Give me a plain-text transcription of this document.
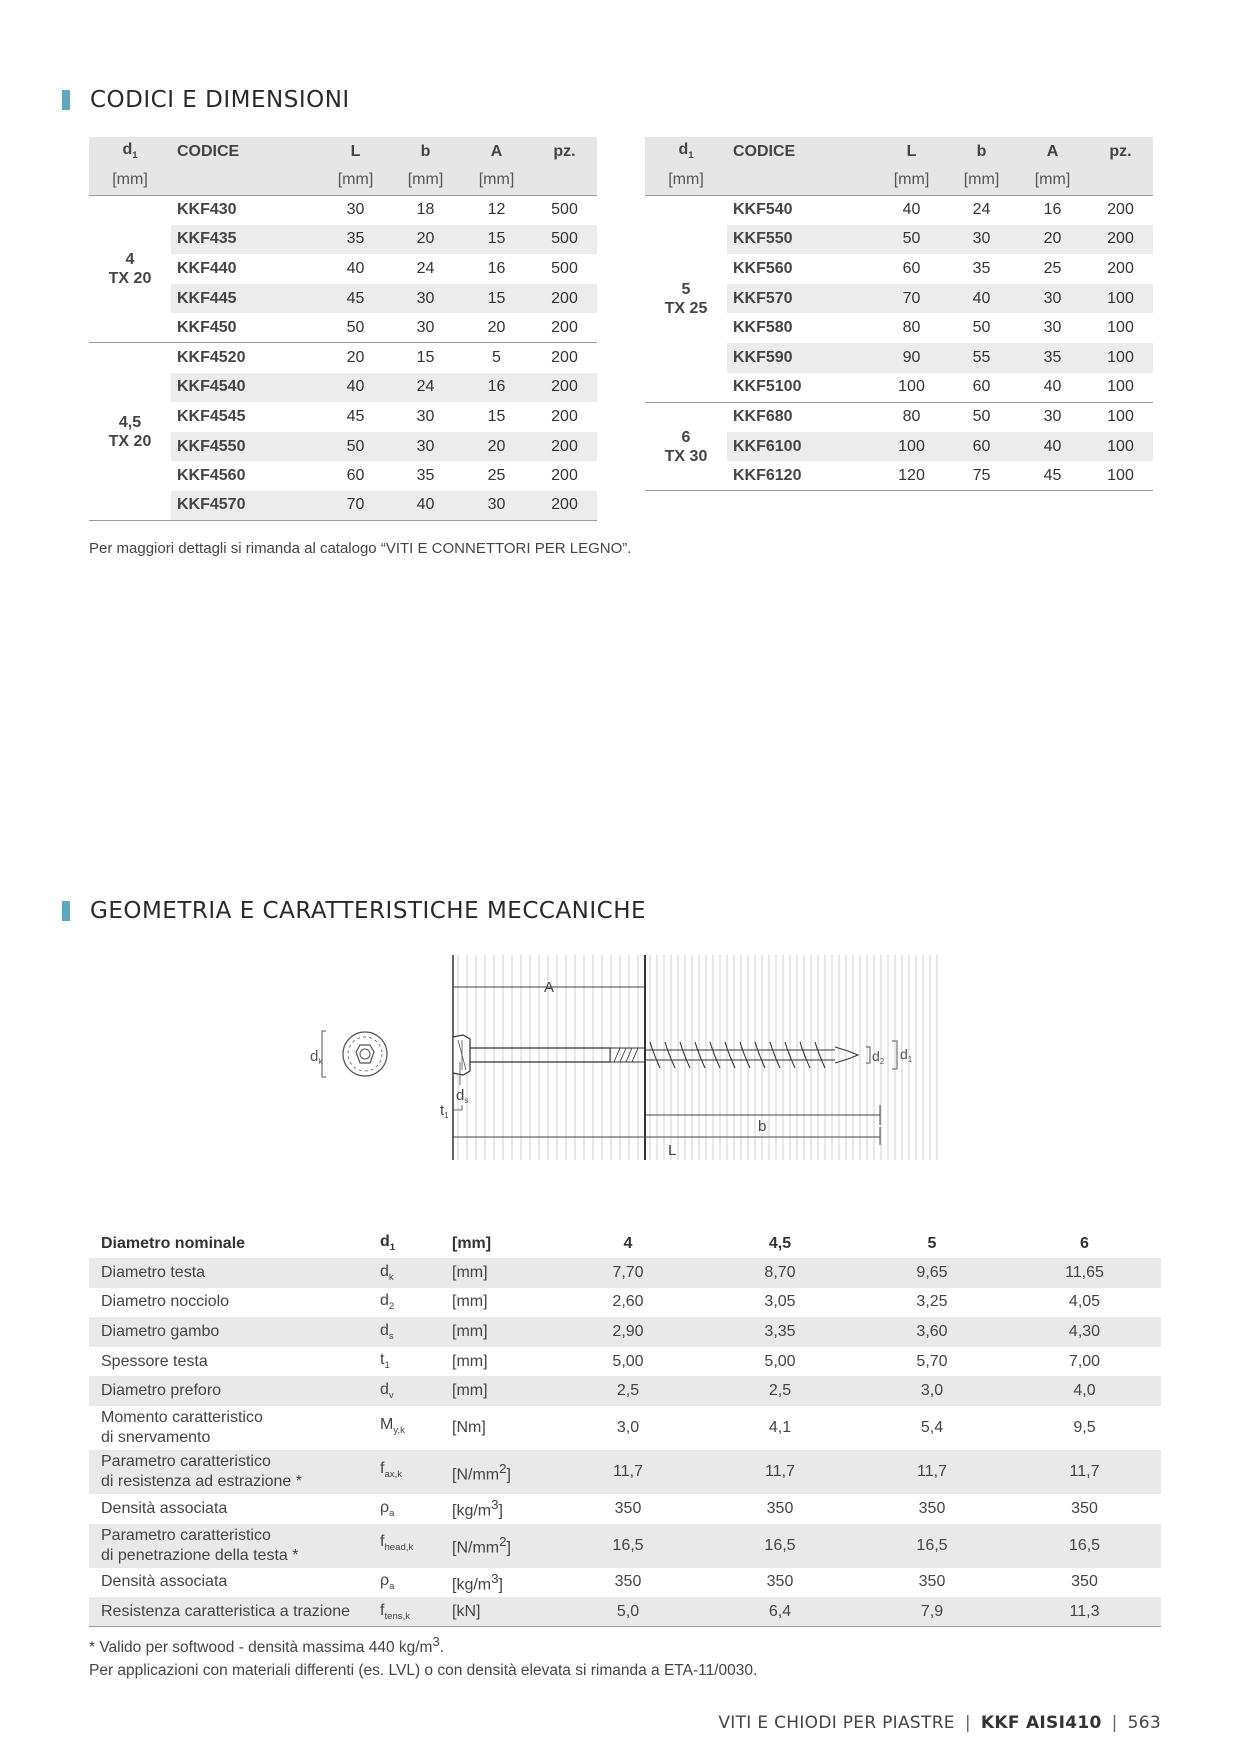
CODICI E DIMENSIONI
$d_1$	CODICE	L	b	A	pz.
[mm]		[mm]	[mm]	[mm]	

4
TX 20	KKF430	30	18	12	500
	KKF435	35	20	15	500
	KKF440	40	24	16	500
	KKF445	45	30	15	200
	KKF450	50	30	20	200

4,5
TX 20	KKF4520	20	15	5	200
	KKF4540	40	24	16	200
	KKF4545	45	30	15	200
	KKF4550	50	30	20	200
	KKF4560	60	35	25	200
	KKF4570	70	40	30	200
$d_1$	CODICE	L	b	A	pz.
[mm]		[mm]	[mm]	[mm]	

5
TX 25	KKF540	40	24	16	200
	KKF550	50	30	20	200
	KKF560	60	35	25	200
	KKF570	70	40	30	100
	KKF580	80	50	30	100
	KKF590	90	55	35	100
	KKF5100	100	60	40	100

6
TX 30	KKF680	80	50	30	100
	KKF6100	100	60	40	100
	KKF6120	120	75	45	100
Per maggiori dettagli si rimanda al catalogo “VITI E CONNETTORI PER LEGNO”.
GEOMETRIA E CARATTERISTICHE MECCANICHE
$d_k$
A
$d_2$ $d_1$
$d_s$
$t_1$
b
L
Diametro nominale	$d_1$	[mm]	4	4,5	5	6

Diametro testa	$d_k$	[mm]	7,70	8,70	9,65	11,65

Diametro nocciolo	$d_2$	[mm]	2,60	3,05	3,25	4,05

Diametro gambo	$d_s$	[mm]	2,90	3,35	3,60	4,30

Spessore testa	$t_1$	[mm]	5,00	5,00	5,70	7,00

Diametro preforo	$d_v$	[mm]	2,5	2,5	3,0	4,0

Momento caratteristico
di snervamento	$M_{y,k}$	[Nm]	3,0	4,1	5,4	9,5

Parametro caratteristico
di resistenza ad estrazione *	$f_{ax,k}$	$[N/mm^2]$	11,7	11,7	11,7	11,7

Densità associata	$\rho_a$	$[kg/m^3]$	350	350	350	350

Parametro caratteristico
di penetrazione della testa *	$f_{head,k}$	$[N/mm^2]$	16,5	16,5	16,5	16,5

Densità associata	$\rho_a$	$[kg/m^3]$	350	350	350	350

Resistenza caratteristica a trazione	$f_{tens,k}$	[kN]	5,0	6,4	7,9	11,3
* Valido per softwood - densità massima 440 $kg/m^3$.
Per applicazioni con materiali differenti (es. LVL) o con densità elevata si rimanda a ETA-11/0030.
VITI E CHIODI PER PIASTRE | KKF AISI410 | 563
